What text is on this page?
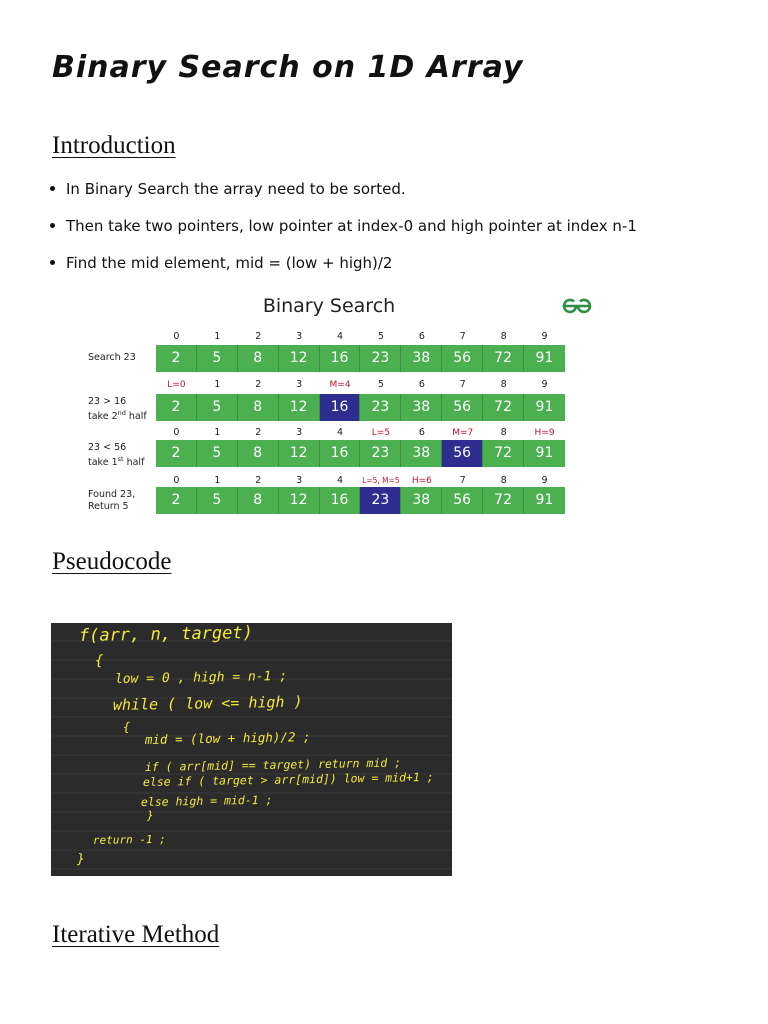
Binary Search on 1D Array
Introduction
In Binary Search the array need to be sorted.
Then take two pointers, low pointer at index-0 and high pointer at index n-1
Find the mid element, mid = (low + high)/2
Binary Search
0	1	2	3	4	5	6	7	8	9
2	5	8	12	16	23	38	56	72	91
Search 23
L=0	1	2	3	M=4	5	6	7	8	9
2	5	8	12	16	23	38	56	72	91
23 > 16
take 2nd half
0	1	2	3	4	L=5	6	M=7	8	H=9
2	5	8	12	16	23	38	56	72	91
23 < 56
take 1st half
0	1	2	3	4	L=5, M=5	H=6	7	8	9
2	5	8	12	16	23	38	56	72	91
Found 23,
Return 5
Pseudocode
f(arr, n, target)
{
low = 0 , high = n-1 ;
while ( low <= high )
{
mid = (low + high)/2 ;
if ( arr[mid] == target) return mid ;
else if ( target > arr[mid]) low = mid+1 ;
else high = mid-1 ;
}
return -1 ;
}
Iterative Method
